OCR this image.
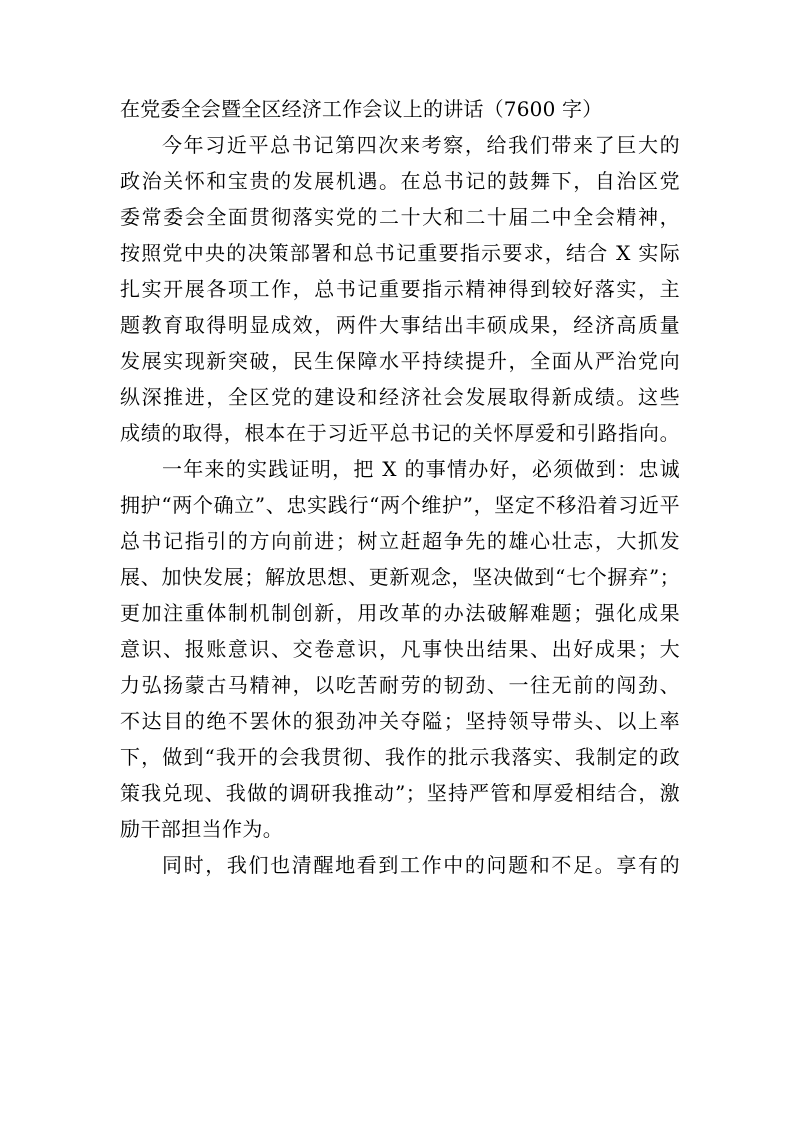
在党委全会暨全区经济工作会议上的讲话（7600 字）
今年习近平总书记第四次来考察，给我们带来了巨大的
政治关怀和宝贵的发展机遇。在总书记的鼓舞下，自治区党
委常委会全面贯彻落实党的二十大和二十届二中全会精神，
按照党中央的决策部署和总书记重要指示要求，结合 X 实际
扎实开展各项工作，总书记重要指示精神得到较好落实，主
题教育取得明显成效，两件大事结出丰硕成果，经济高质量
发展实现新突破，民生保障水平持续提升，全面从严治党向
纵深推进，全区党的建设和经济社会发展取得新成绩。这些
成绩的取得，根本在于习近平总书记的关怀厚爱和引路指向。
一年来的实践证明，把 X 的事情办好，必须做到：忠诚
拥护“两个确立”、忠实践行“两个维护”，坚定不移沿着习近平
总书记指引的方向前进；树立赶超争先的雄心壮志，大抓发
展、加快发展；解放思想、更新观念，坚决做到“七个摒弃”；
更加注重体制机制创新，用改革的办法破解难题；强化成果
意识、报账意识、交卷意识，凡事快出结果、出好成果；大
力弘扬蒙古马精神，以吃苦耐劳的韧劲、一往无前的闯劲、
不达目的绝不罢休的狠劲冲关夺隘；坚持领导带头、以上率
下，做到“我开的会我贯彻、我作的批示我落实、我制定的政
策我兑现、我做的调研我推动”；坚持严管和厚爱相结合，激
励干部担当作为。
同时，我们也清醒地看到工作中的问题和不足。享有的
